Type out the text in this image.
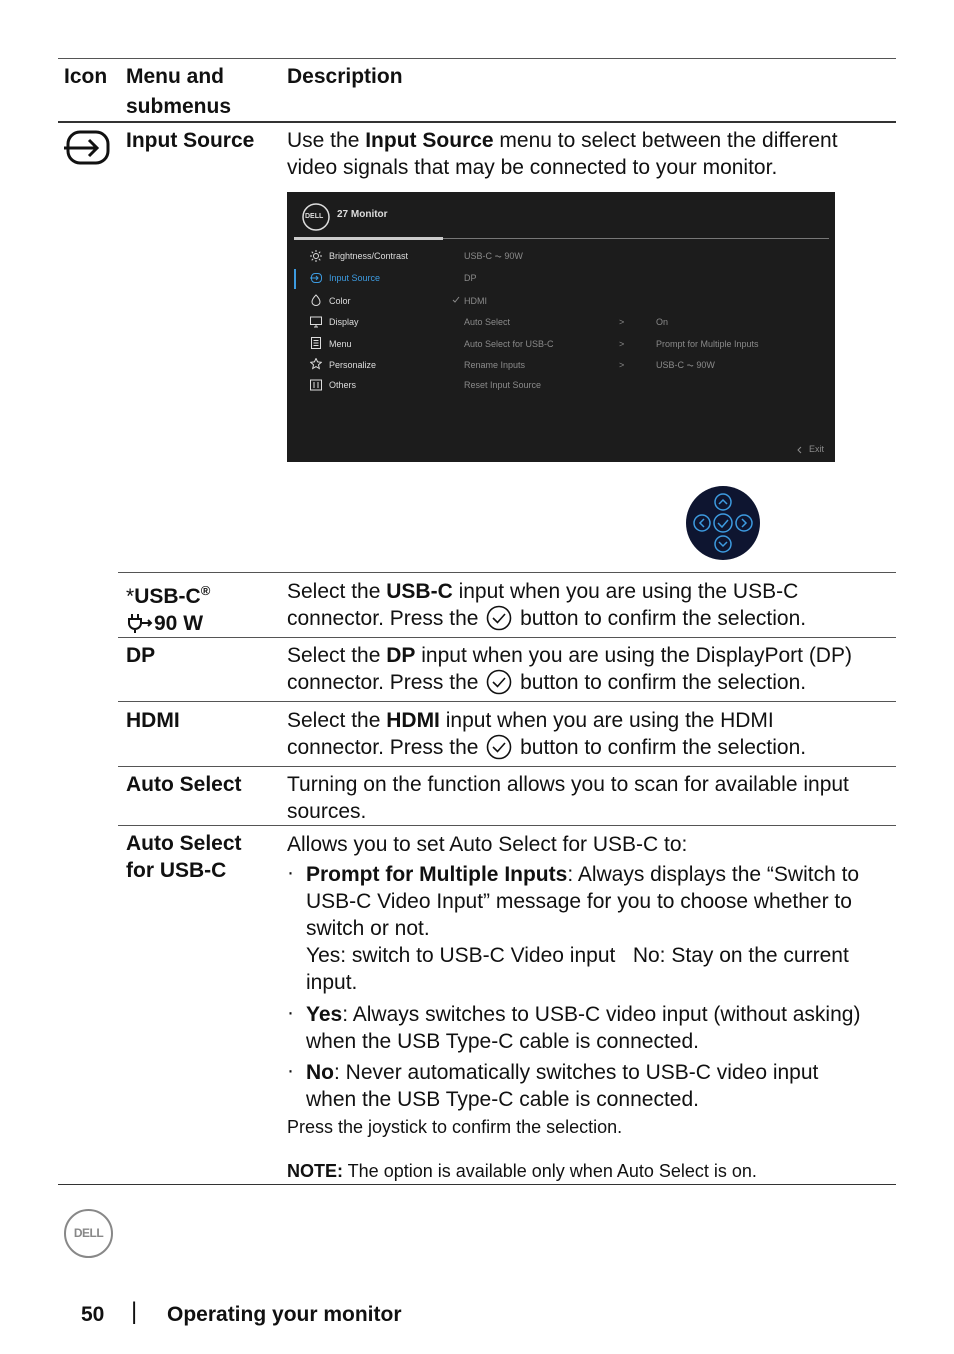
Icon Menu and
submenus
Description
Input Source Use the Input Source menu to select between the different
video signals that may be connected to your monitor.
DELL 27 Monitor
Brightness/Contrast
Input Source
Color
Display
Menu
Personalize
Others
USB-C ⏦ 90W
DP
HDMI
Auto Select
Auto Select for USB-C
Rename Inputs
Reset Input Source
>
>
>
On
Prompt for Multiple Inputs
USB-C ⏦ 90W
Exit
*USB-C®
90 W
Select the USB-C input when you are using the USB-C
connector. Press the  button to confirm the selection.
DP	Select the DP input when you are using the DisplayPort (DP)
connector. Press the  button to confirm the selection.
HDMI	Select the HDMI input when you are using the HDMI
connector. Press the  button to confirm the selection.
Auto Select Turning on the function allows you to scan for available input
sources.
Auto Select
for USB-C
Allows you to set Auto Select for USB-C to:
· Prompt for Multiple Inputs: Always displays the “Switch to
USB-C Video Input” message for you to choose whether to
switch or not.
Yes: switch to USB-C Video input   No: Stay on the current
input.
· Yes: Always switches to USB-C video input (without asking)
when the USB Type-C cable is connected.
· No: Never automatically switches to USB-C video input
when the USB Type-C cable is connected.
Press the joystick to confirm the selection.
NOTE: The option is available only when Auto Select is on.
DELL
50 | Operating your monitor
